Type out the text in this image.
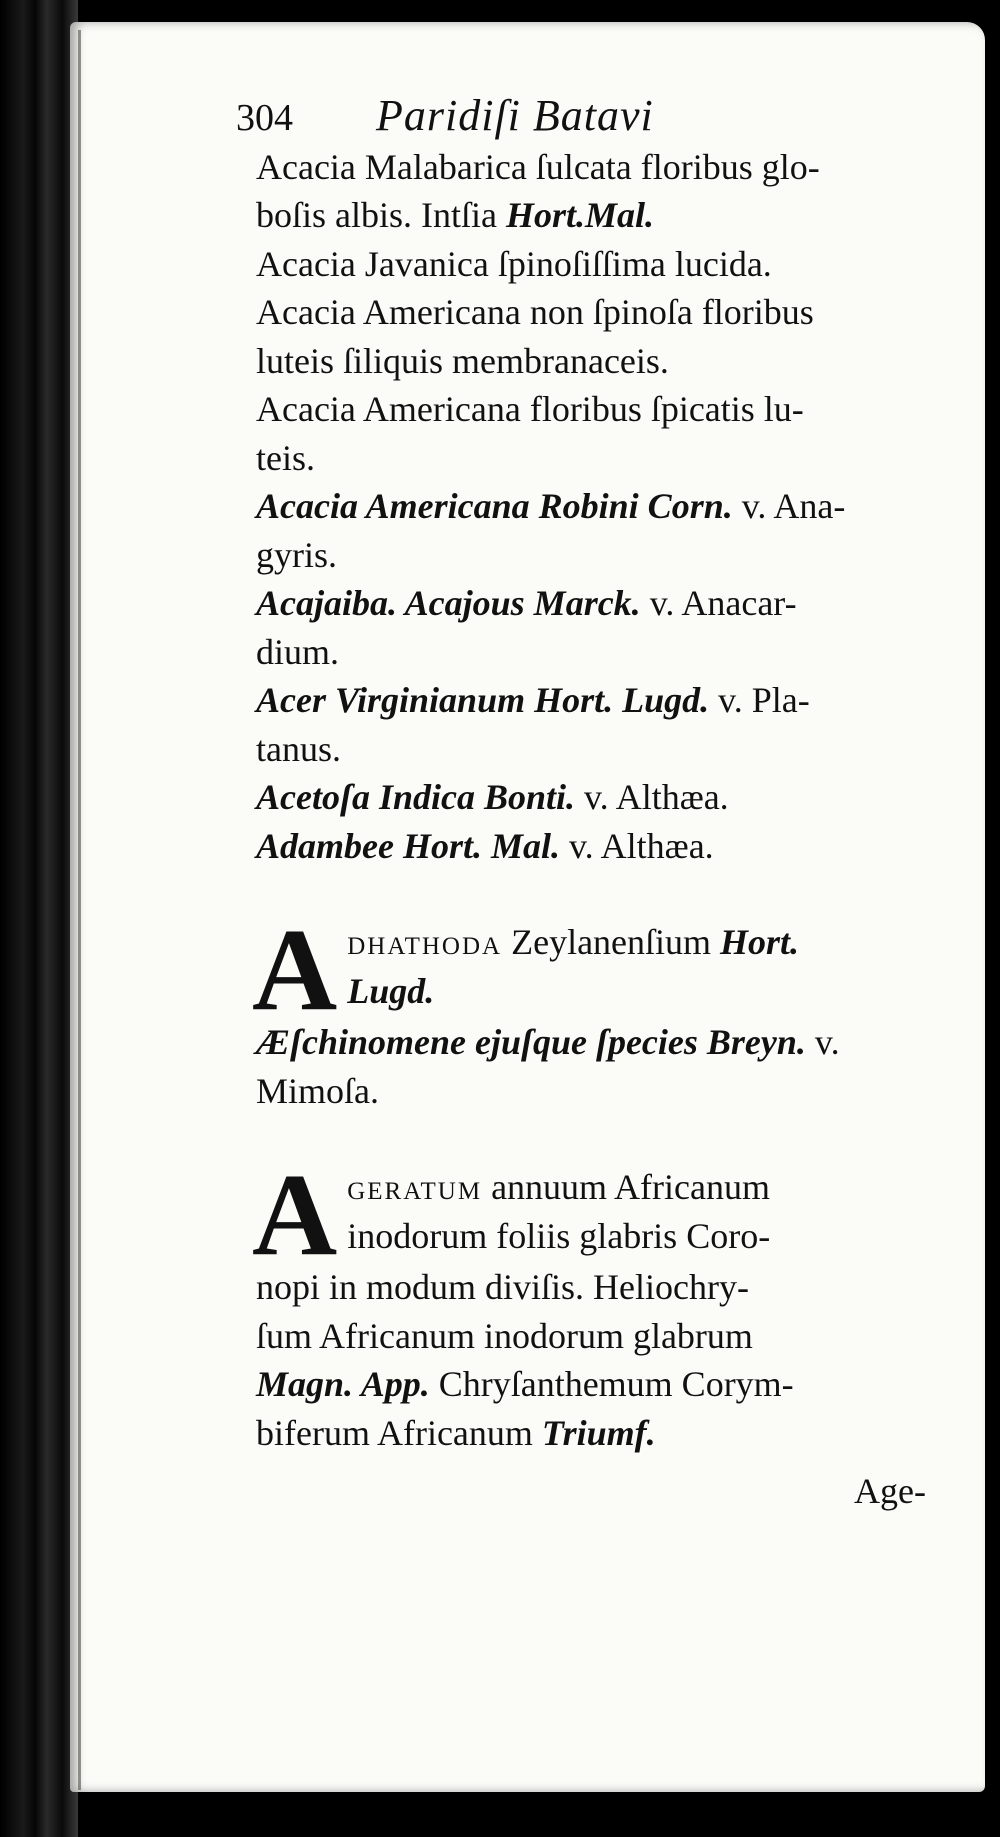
304	Paridiſi Batavi
Acacia Malabarica ſulcata floribus glo-
boſis albis. Intſia Hort.Mal.
Acacia Javanica ſpinoſiſſima lucida.
Acacia Americana non ſpinoſa floribus
luteis ſiliquis membranaceis.
Acacia Americana floribus ſpicatis lu-
teis.
Acacia Americana Robini Corn. v. Ana-
gyris.
Acajaiba. Acajous Marck. v. Anacar-
dium.
Acer Virginianum Hort. Lugd. v. Pla-
tanus.
Acetoſa Indica Bonti. v. Althæa.
Adambee Hort. Mal. v. Althæa.
A dhathoda Zeylanenſium Hort.
Lugd.
Æſchinomene ejuſque ſpecies Breyn. v.
Mimoſa.
A geratum annuum Africanum
inodorum foliis glabris Coro-
nopi in modum diviſis. Heliochry-
ſum Africanum inodorum glabrum
Magn. App. Chryſanthemum Corym-
biferum Africanum Triumf.
Age-
